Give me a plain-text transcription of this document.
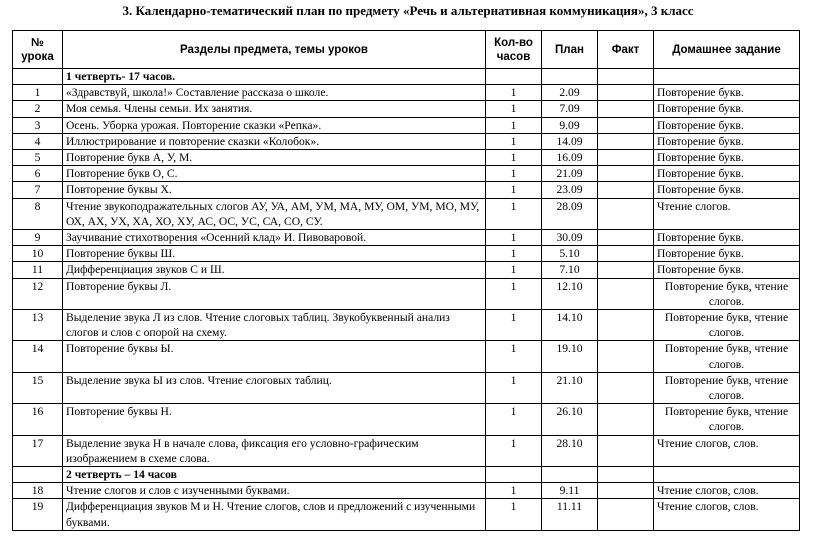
3. Календарно-тематический план по предмету «Речь и альтернативная коммуникация», 3 класс
№ урока	Разделы предмета, темы уроков	Кол-во часов	План	Факт	Домашнее задание
	1 четверть- 17 часов.				
1	«Здравствуй, школа!» Составление рассказа о школе.	1	2.09		Повторение букв.
2	Моя семья. Члены семьи. Их занятия.	1	7.09		Повторение букв.
3	Осень. Уборка урожая. Повторение сказки «Репка».	1	9.09		Повторение букв.
4	Иллюстрирование и повторение сказки «Колобок».	1	14.09		Повторение букв.
5	Повторение букв А, У, М.	1	16.09		Повторение букв.
6	Повторение букв О, С.	1	21.09		Повторение букв.
7	Повторение буквы Х.	1	23.09		Повторение букв.
8	Чтение звукоподражательных слогов АУ, УА, АМ, УМ, МА, МУ, ОМ, УМ, МО, МУ, ОХ, АХ, УХ, ХА, ХО, ХУ, АС, ОС, УС, СА, СО, СУ.	1	28.09		Чтение слогов.
9	Заучивание стихотворения «Осенний клад» И. Пивоваровой.	1	30.09		Повторение букв.
10	Повторение буквы Ш.	1	5.10		Повторение букв.
11	Дифференциация звуков С и Ш.	1	7.10		Повторение букв.
12	Повторение буквы Л.	1	12.10		Повторение букв, чтение слогов.
13	Выделение звука Л из слов. Чтение слоговых таблиц. Звукобуквенный анализ слогов и слов с опорой на схему.	1	14.10		Повторение букв, чтение слогов.
14	Повторение буквы Ы.	1	19.10		Повторение букв, чтение слогов.
15	Выделение звука Ы из слов. Чтение слоговых таблиц.	1	21.10		Повторение букв, чтение слогов.
16	Повторение буквы Н.	1	26.10		Повторение букв, чтение слогов.
17	Выделение звука Н в начале слова, фиксация его условно-графическим изображением в схеме слова.	1	28.10		Чтение слогов, слов.
	2 четверть – 14 часов				
18	Чтение слогов и слов с изученными буквами.	1	9.11		Чтение слогов, слов.
19	Дифференциация звуков М и Н. Чтение слогов, слов и предложений с изученными буквами.	1	11.11		Чтение слогов, слов.
